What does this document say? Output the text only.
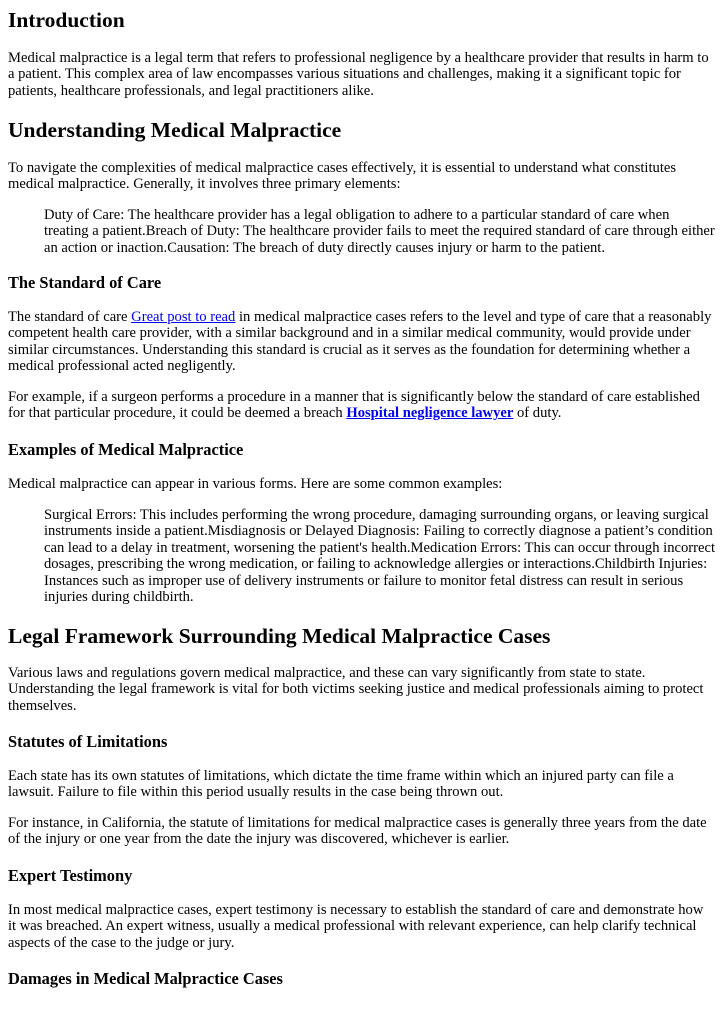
Introduction

Medical malpractice is a legal term that refers to professional negligence by a healthcare provider that results in harm to a patient. This complex area of law encompasses various situations and challenges, making it a significant topic for patients, healthcare professionals, and legal practitioners alike.

Understanding Medical Malpractice

To navigate the complexities of medical malpractice cases effectively, it is essential to understand what constitutes medical malpractice. Generally, it involves three primary elements:

Duty of Care: The healthcare provider has a legal obligation to adhere to a particular standard of care when treating a patient.Breach of Duty: The healthcare provider fails to meet the required standard of care through either an action or inaction.Causation: The breach of duty directly causes injury or harm to the patient.
The Standard of Care

The standard of care Great post to read in medical malpractice cases refers to the level and type of care that a reasonably competent health care provider, with a similar background and in a similar medical community, would provide under similar circumstances. Understanding this standard is crucial as it serves as the foundation for determining whether a medical professional acted negligently.

For example, if a surgeon performs a procedure in a manner that is significantly below the standard of care established for that particular procedure, it could be deemed a breach Hospital negligence lawyer of duty.

Examples of Medical Malpractice

Medical malpractice can appear in various forms. Here are some common examples:

Surgical Errors: This includes performing the wrong procedure, damaging surrounding organs, or leaving surgical instruments inside a patient.Misdiagnosis or Delayed Diagnosis: Failing to correctly diagnose a patient’s condition can lead to a delay in treatment, worsening the patient's health.Medication Errors: This can occur through incorrect dosages, prescribing the wrong medication, or failing to acknowledge allergies or interactions.Childbirth Injuries: Instances such as improper use of delivery instruments or failure to monitor fetal distress can result in serious injuries during childbirth.
Legal Framework Surrounding Medical Malpractice Cases

Various laws and regulations govern medical malpractice, and these can vary significantly from state to state. Understanding the legal framework is vital for both victims seeking justice and medical professionals aiming to protect themselves.

Statutes of Limitations

Each state has its own statutes of limitations, which dictate the time frame within which an injured party can file a lawsuit. Failure to file within this period usually results in the case being thrown out.

For instance, in California, the statute of limitations for medical malpractice cases is generally three years from the date of the injury or one year from the date the injury was discovered, whichever is earlier.

Expert Testimony

In most medical malpractice cases, expert testimony is necessary to establish the standard of care and demonstrate how it was breached. An expert witness, usually a medical professional with relevant experience, can help clarify technical aspects of the case to the judge or jury.

Damages in Medical Malpractice Cases
